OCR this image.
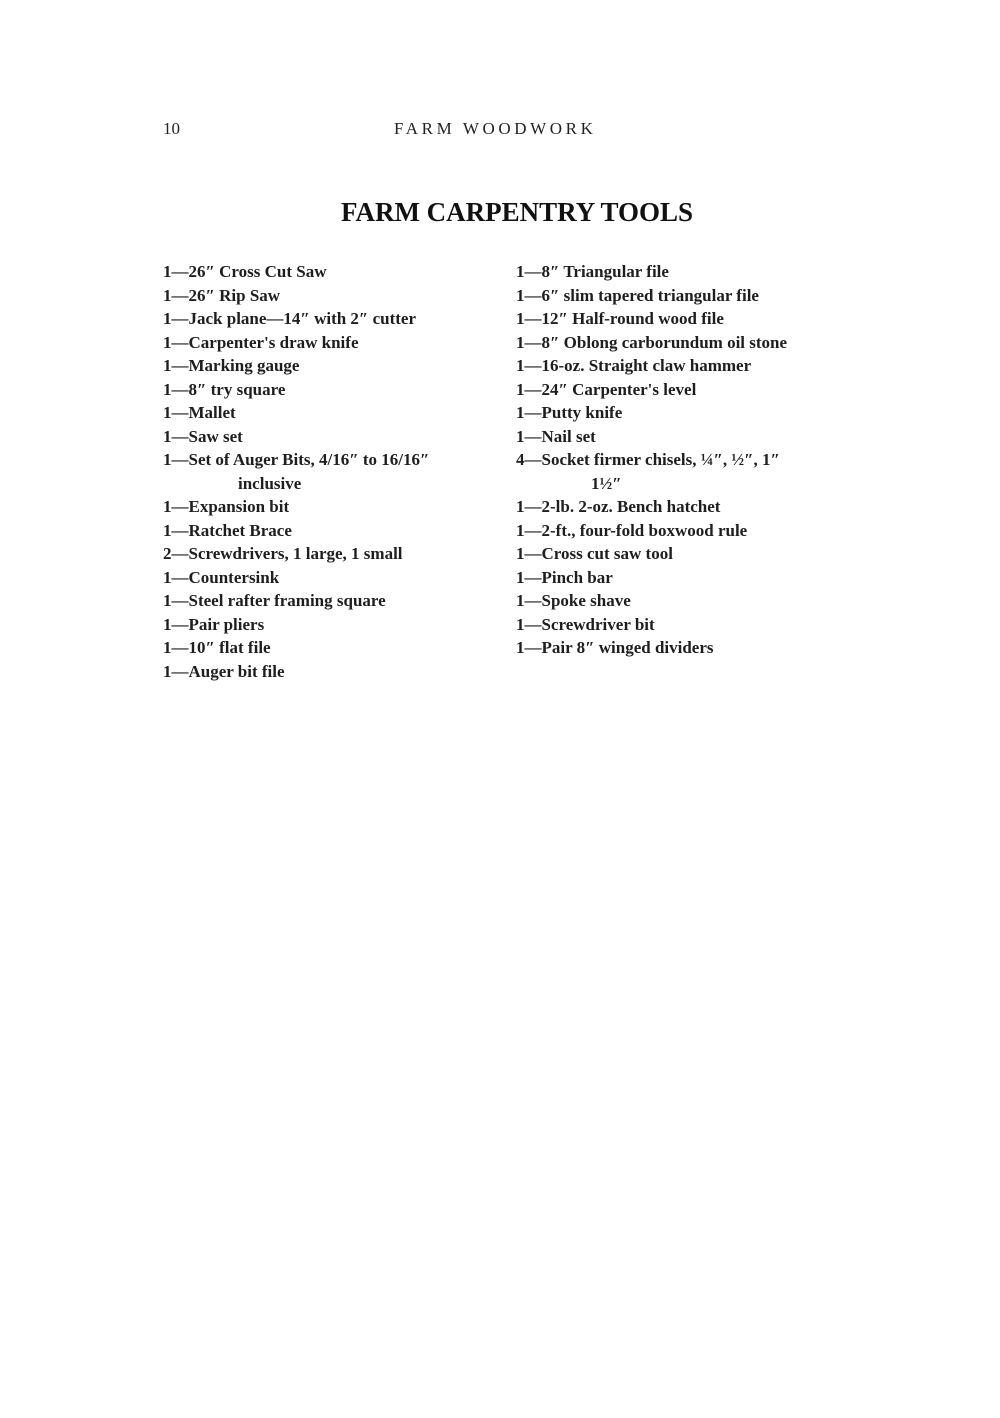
10	FARM WOODWORK
FARM CARPENTRY TOOLS
1—26″ Cross Cut Saw
1—26″ Rip Saw
1—Jack plane—14″ with 2″ cutter
1—Carpenter's draw knife
1—Marking gauge
1—8″ try square
1—Mallet
1—Saw set
1—Set of Auger Bits, 4/16″ to 16/16″
inclusive
1—Expansion bit
1—Ratchet Brace
2—Screwdrivers, 1 large, 1 small
1—Countersink
1—Steel rafter framing square
1—Pair pliers
1—10″ flat file
1—Auger bit file
1—8″ Triangular file
1—6″ slim tapered triangular file
1—12″ Half-round wood file
1—8″ Oblong carborundum oil stone
1—16-oz. Straight claw hammer
1—24″ Carpenter's level
1—Putty knife
1—Nail set
4—Socket firmer chisels, ¼″, ½″, 1″
1½″
1—2-lb. 2-oz. Bench hatchet
1—2-ft., four-fold boxwood rule
1—Cross cut saw tool
1—Pinch bar
1—Spoke shave
1—Screwdriver bit
1—Pair 8″ winged dividers
